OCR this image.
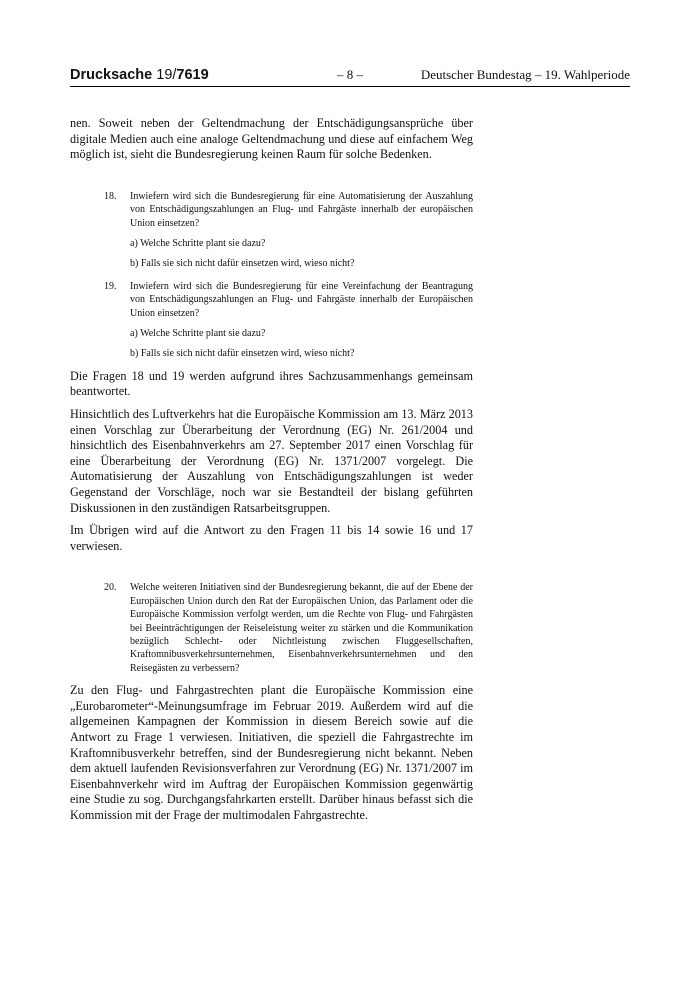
Drucksache 19/7619	– 8 –	Deutscher Bundestag – 19. Wahlperiode

nen. Soweit neben der Geltendmachung der Entschädigungsansprüche über digitale Medien auch eine analoge Geltendmachung und diese auf einfachem Weg möglich ist, sieht die Bundesregierung keinen Raum für solche Bedenken.

18. Inwiefern wird sich die Bundesregierung für eine Automatisierung der Auszahlung von Entschädigungszahlungen an Flug- und Fahrgäste innerhalb der europäischen Union einsetzen?
a) Welche Schritte plant sie dazu?
b) Falls sie sich nicht dafür einsetzen wird, wieso nicht?
19. Inwiefern wird sich die Bundesregierung für eine Vereinfachung der Beantragung von Entschädigungszahlungen an Flug- und Fahrgäste innerhalb der Europäischen Union einsetzen?
a) Welche Schritte plant sie dazu?
b) Falls sie sich nicht dafür einsetzen wird, wieso nicht?

Die Fragen 18 und 19 werden aufgrund ihres Sachzusammenhangs gemeinsam beantwortet.

Hinsichtlich des Luftverkehrs hat die Europäische Kommission am 13. März 2013 einen Vorschlag zur Überarbeitung der Verordnung (EG) Nr. 261/2004 und hinsichtlich des Eisenbahnverkehrs am 27. September 2017 einen Vorschlag für eine Überarbeitung der Verordnung (EG) Nr. 1371/2007 vorgelegt. Die Automatisierung der Auszahlung von Entschädigungszahlungen ist weder Gegenstand der Vorschläge, noch war sie Bestandteil der bislang geführten Diskussionen in den zuständigen Ratsarbeitsgruppen.

Im Übrigen wird auf die Antwort zu den Fragen 11 bis 14 sowie 16 und 17 verwiesen.

20. Welche weiteren Initiativen sind der Bundesregierung bekannt, die auf der Ebene der Europäischen Union durch den Rat der Europäischen Union, das Parlament oder die Europäische Kommission verfolgt werden, um die Rechte von Flug- und Fahrgästen bei Beeinträchtigungen der Reiseleistung weiter zu stärken und die Kommunikation bezüglich Schlecht- oder Nichtleistung zwischen Fluggesellschaften, Kraftomnibusverkehrsunternehmen, Eisenbahnverkehrsunternehmen und den Reisegästen zu verbessern?

Zu den Flug- und Fahrgastrechten plant die Europäische Kommission eine „Eurobarometer“-Meinungsumfrage im Februar 2019. Außerdem wird auf die allgemeinen Kampagnen der Kommission in diesem Bereich sowie auf die Antwort zu Frage 1 verwiesen. Initiativen, die speziell die Fahrgastrechte im Kraftomnibusverkehr betreffen, sind der Bundesregierung nicht bekannt. Neben dem aktuell laufenden Revisionsverfahren zur Verordnung (EG) Nr. 1371/2007 im Eisenbahnverkehr wird im Auftrag der Europäischen Kommission gegenwärtig eine Studie zu sog. Durchgangsfahrkarten erstellt. Darüber hinaus befasst sich die Kommission mit der Frage der multimodalen Fahrgastrechte.
